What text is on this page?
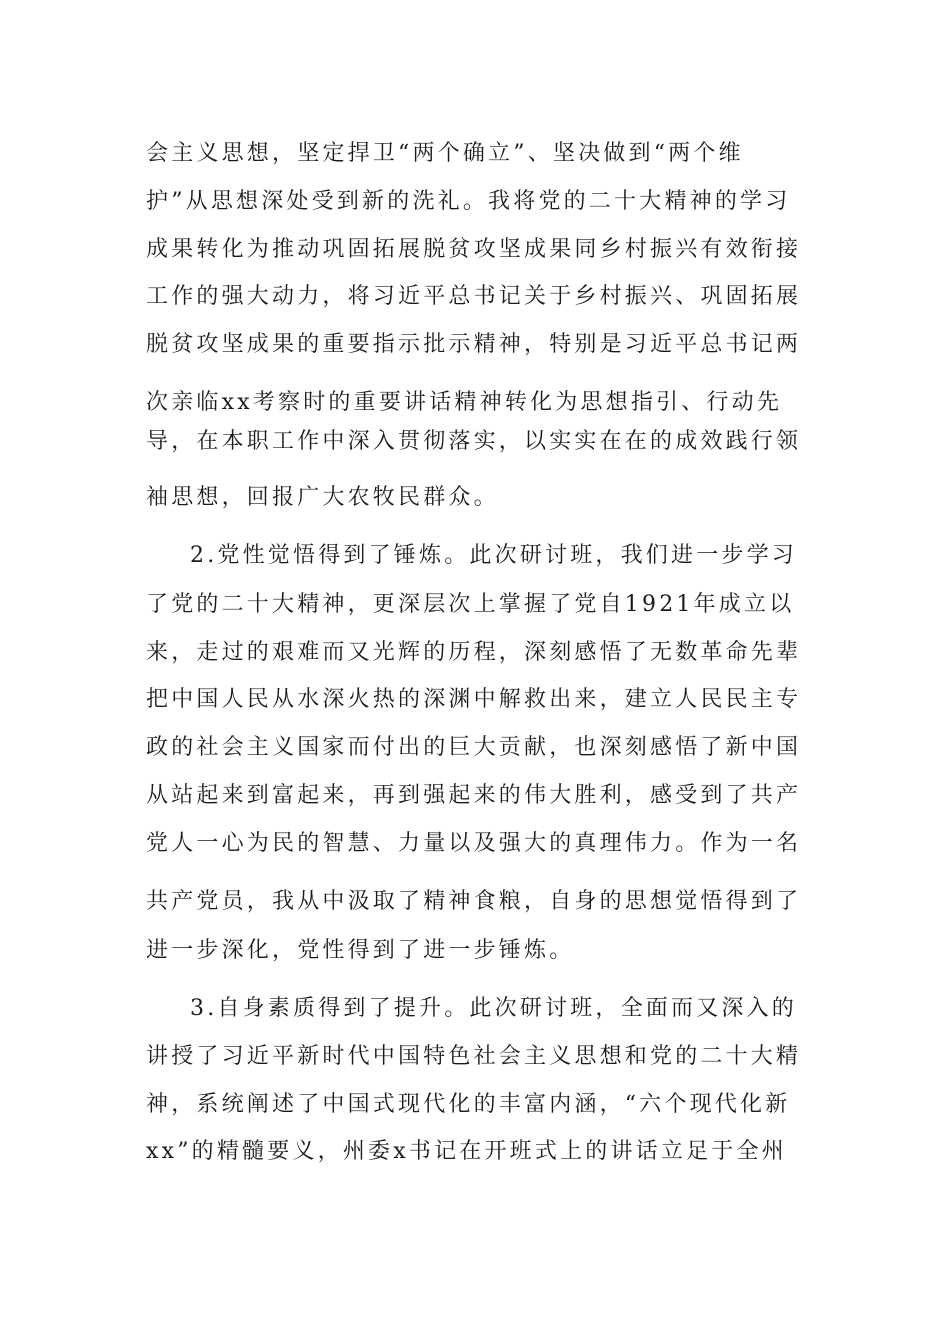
会主义思想，坚定捍卫“两个确立”、坚决做到“两个维
护”从思想深处受到新的洗礼。我将党的二十大精神的学习
成果转化为推动巩固拓展脱贫攻坚成果同乡村振兴有效衔接
工作的强大动力，将习近平总书记关于乡村振兴、巩固拓展
脱贫攻坚成果的重要指示批示精神，特别是习近平总书记两
次亲临xx考察时的重要讲话精神转化为思想指引、行动先
导，在本职工作中深入贯彻落实，以实实在在的成效践行领
袖思想，回报广大农牧民群众。
2.党性觉悟得到了锤炼。此次研讨班，我们进一步学习
了党的二十大精神，更深层次上掌握了党自1921年成立以
来，走过的艰难而又光辉的历程，深刻感悟了无数革命先辈
把中国人民从水深火热的深渊中解救出来，建立人民民主专
政的社会主义国家而付出的巨大贡献，也深刻感悟了新中国
从站起来到富起来，再到强起来的伟大胜利，感受到了共产
党人一心为民的智慧、力量以及强大的真理伟力。作为一名
共产党员，我从中汲取了精神食粮，自身的思想觉悟得到了
进一步深化，党性得到了进一步锤炼。
3.自身素质得到了提升。此次研讨班，全面而又深入的
讲授了习近平新时代中国特色社会主义思想和党的二十大精
神，系统阐述了中国式现代化的丰富内涵，“六个现代化新
xx”的精髓要义，州委x书记在开班式上的讲话立足于全州
